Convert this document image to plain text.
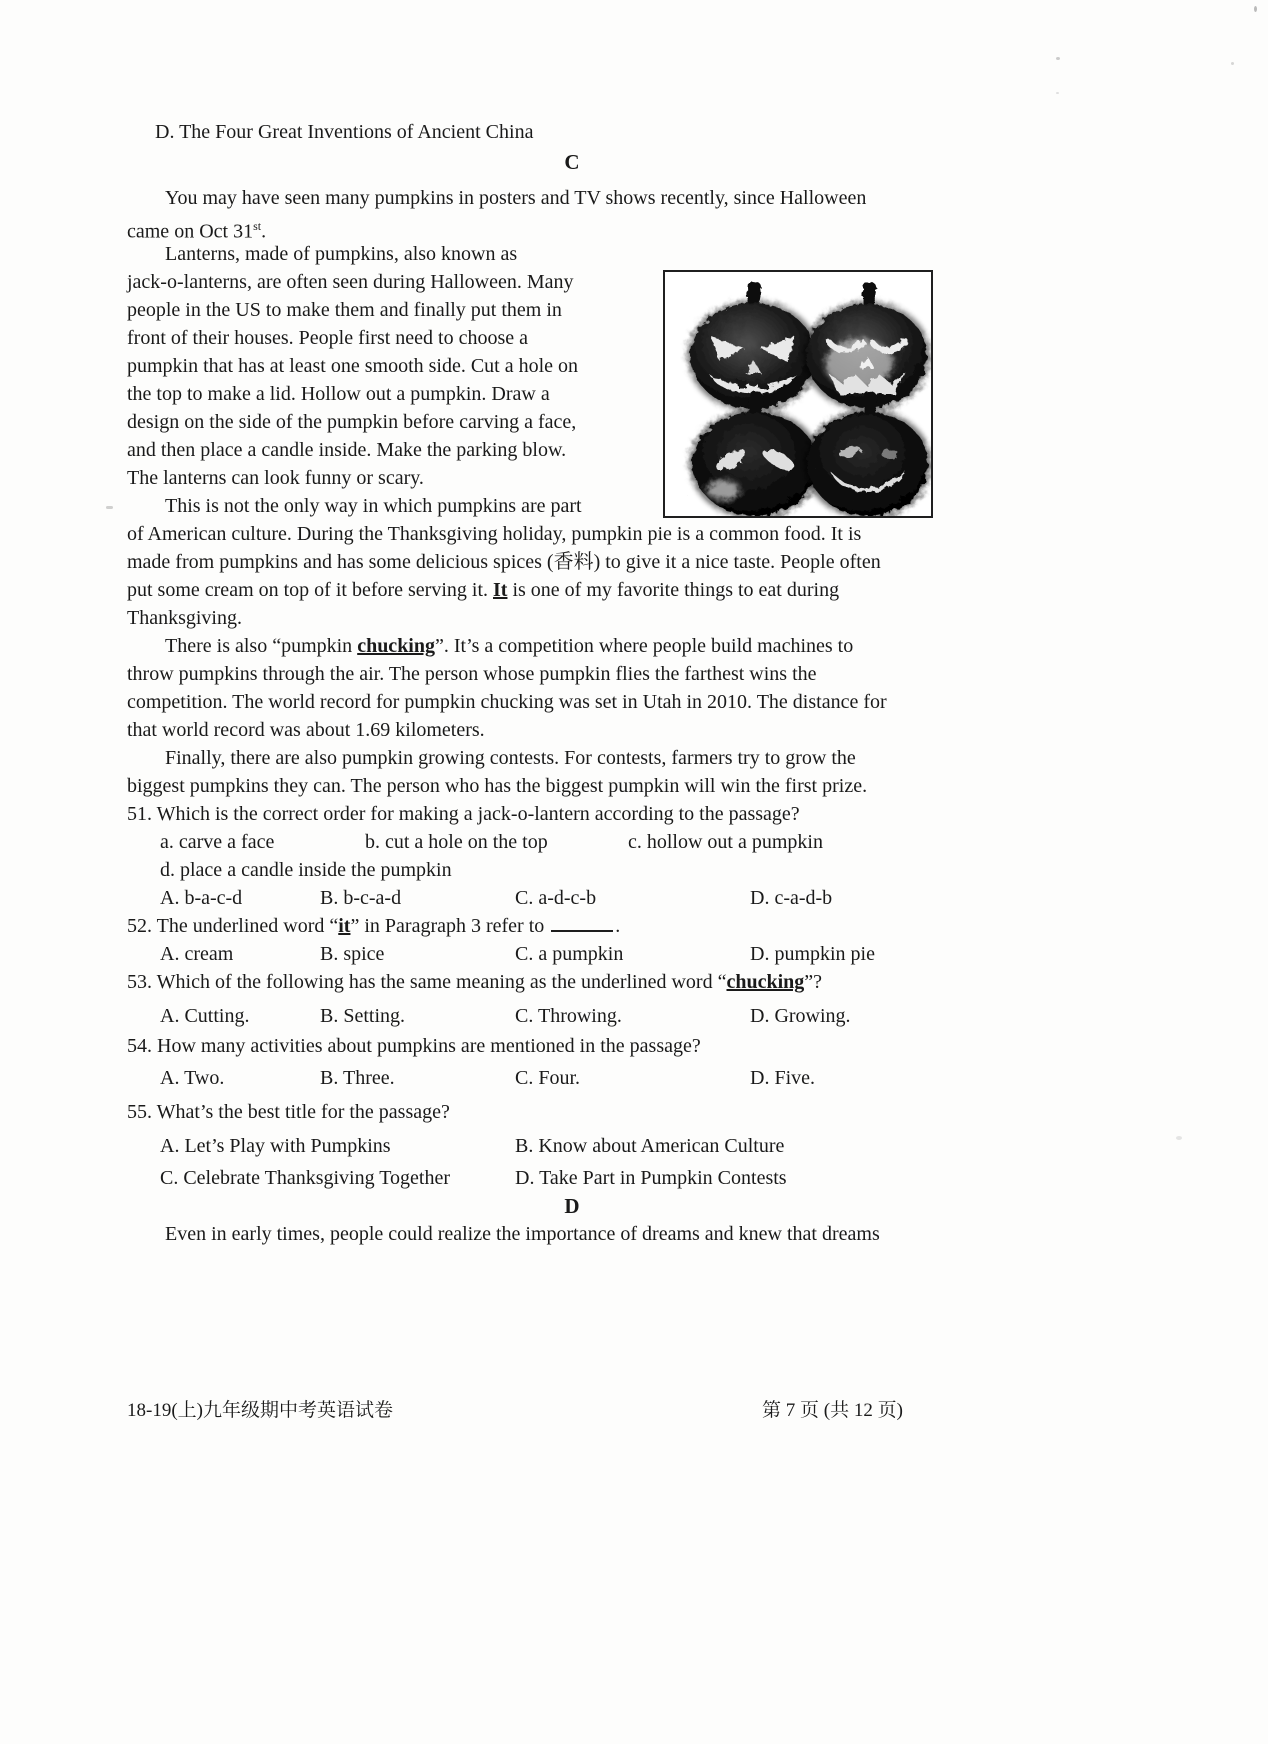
D. The Four Great Inventions of Ancient China
C
You may have seen many pumpkins in posters and TV shows recently, since Halloween
came on Oct 31st.
Lanterns, made of pumpkins, also known as
jack-o-lanterns, are often seen during Halloween. Many
people in the US to make them and finally put them in
front of their houses. People first need to choose a
pumpkin that has at least one smooth side. Cut a hole on
the top to make a lid. Hollow out a pumpkin. Draw a
design on the side of the pumpkin before carving a face,
and then place a candle inside. Make the parking blow.
The lanterns can look funny or scary.
This is not the only way in which pumpkins are part
of American culture. During the Thanksgiving holiday, pumpkin pie is a common food. It is
made from pumpkins and has some delicious spices (香料) to give it a nice taste. People often
put some cream on top of it before serving it. It is one of my favorite things to eat during
Thanksgiving.
There is also “pumpkin chucking”. It’s a competition where people build machines to
throw pumpkins through the air. The person whose pumpkin flies the farthest wins the
competition. The world record for pumpkin chucking was set in Utah in 2010. The distance for
that world record was about 1.69 kilometers.
Finally, there are also pumpkin growing contests. For contests, farmers try to grow the
biggest pumpkins they can. The person who has the biggest pumpkin will win the first prize.
51. Which is the correct order for making a jack-o-lantern according to the passage?
a. carve a face	b. cut a hole on the top	c. hollow out a pumpkin
d. place a candle inside the pumpkin
A. b-a-c-d	B. b-c-a-d	C. a-d-c-b	D. c-a-d-b
52. The underlined word “it” in Paragraph 3 refer to	.
A. cream	B. spice	C. a pumpkin	D. pumpkin pie
53. Which of the following has the same meaning as the underlined word “chucking”?
A. Cutting.	B. Setting.	C. Throwing.	D. Growing.
54. How many activities about pumpkins are mentioned in the passage?
A. Two.	B. Three.	C. Four.	D. Five.
55. What’s the best title for the passage?
A. Let’s Play with Pumpkins	B. Know about American Culture
C. Celebrate Thanksgiving Together	D. Take Part in Pumpkin Contests
D
Even in early times, people could realize the importance of dreams and knew that dreams
18-19(上)九年级期中考英语试卷	第 7 页 (共 12 页)
